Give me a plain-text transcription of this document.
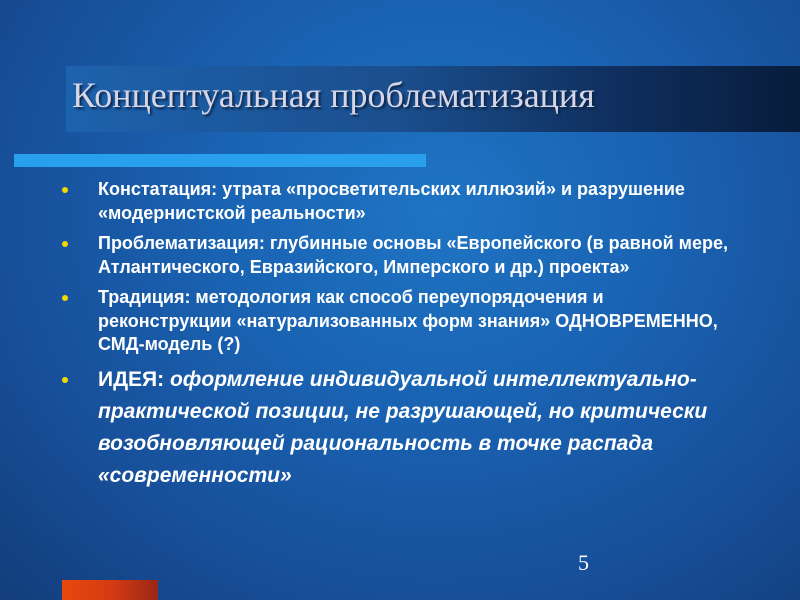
Концептуальная проблематизация
Констатация: утрата «просветительских иллюзий» и разрушение «модернистской реальности»
Проблематизация: глубинные основы «Европейского (в равной мере, Атлантического, Евразийского, Имперского и др.) проекта»
Традиция: методология как способ переупорядочения и реконструкции «натурализованных форм знания» ОДНОВРЕМЕННО, СМД-модель (?)
ИДЕЯ: оформление индивидуальной интеллектуально-практической позиции, не разрушающей, но критически возобновляющей рациональность в точке распада «современности»
5
